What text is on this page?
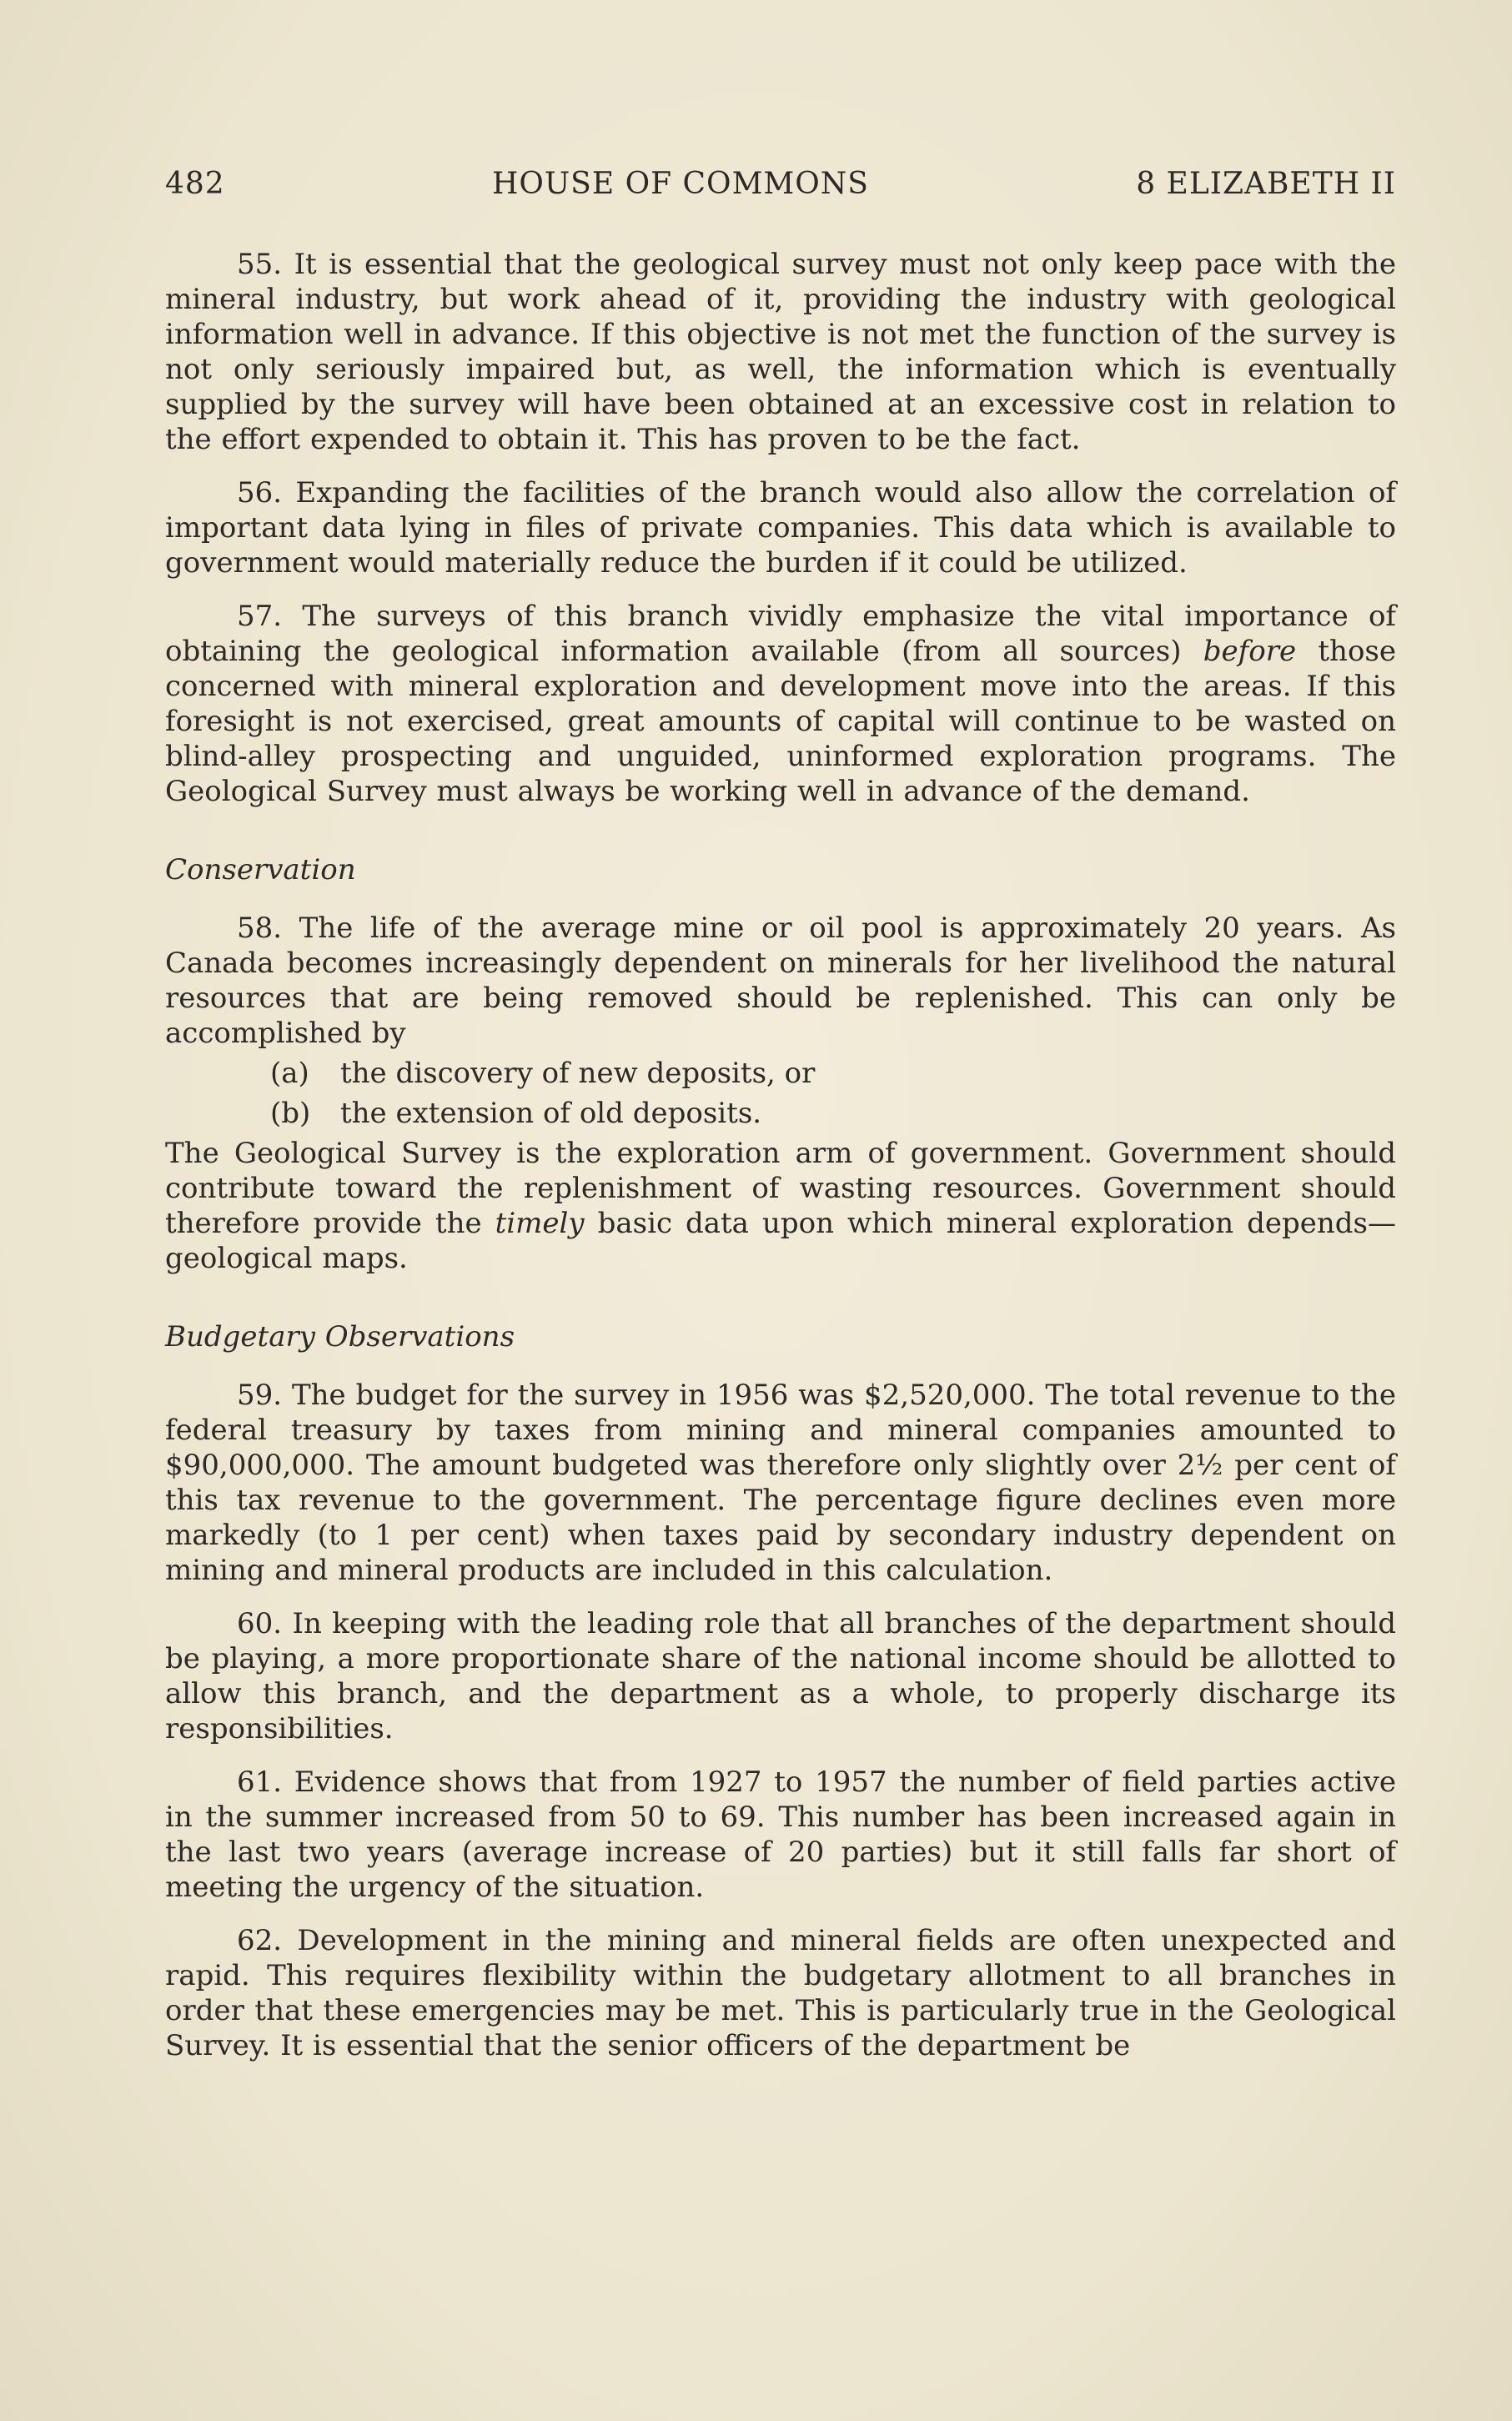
482	HOUSE OF COMMONS	8 ELIZABETH II

55. It is essential that the geological survey must not only keep pace with the mineral industry, but work ahead of it, providing the industry with geological information well in advance. If this objective is not met the function of the survey is not only seriously impaired but, as well, the information which is eventually supplied by the survey will have been obtained at an excessive cost in relation to the effort expended to obtain it. This has proven to be the fact.

56. Expanding the facilities of the branch would also allow the correlation of important data lying in files of private companies. This data which is available to government would materially reduce the burden if it could be utilized.

57. The surveys of this branch vividly emphasize the vital importance of obtaining the geological information available (from all sources) before those concerned with mineral exploration and development move into the areas. If this foresight is not exercised, great amounts of capital will continue to be wasted on blind-alley prospecting and unguided, uninformed exploration programs. The Geological Survey must always be working well in advance of the demand.

Conservation

58. The life of the average mine or oil pool is approximately 20 years. As Canada becomes increasingly dependent on minerals for her livelihood the natural resources that are being removed should be replenished. This can only be accomplished by

(a) the discovery of new deposits, or
(b) the extension of old deposits.

The Geological Survey is the exploration arm of government. Government should contribute toward the replenishment of wasting resources. Government should therefore provide the timely basic data upon which mineral exploration depends—geological maps.

Budgetary Observations

59. The budget for the survey in 1956 was $2,520,000. The total revenue to the federal treasury by taxes from mining and mineral companies amounted to $90,000,000. The amount budgeted was therefore only slightly over 2½ per cent of this tax revenue to the government. The percentage figure declines even more markedly (to 1 per cent) when taxes paid by secondary industry dependent on mining and mineral products are included in this calculation.

60. In keeping with the leading role that all branches of the department should be playing, a more proportionate share of the national income should be allotted to allow this branch, and the department as a whole, to properly discharge its responsibilities.

61. Evidence shows that from 1927 to 1957 the number of field parties active in the summer increased from 50 to 69. This number has been increased again in the last two years (average increase of 20 parties) but it still falls far short of meeting the urgency of the situation.

62. Development in the mining and mineral fields are often unexpected and rapid. This requires flexibility within the budgetary allotment to all branches in order that these emergencies may be met. This is particularly true in the Geological Survey. It is essential that the senior officers of the department be
